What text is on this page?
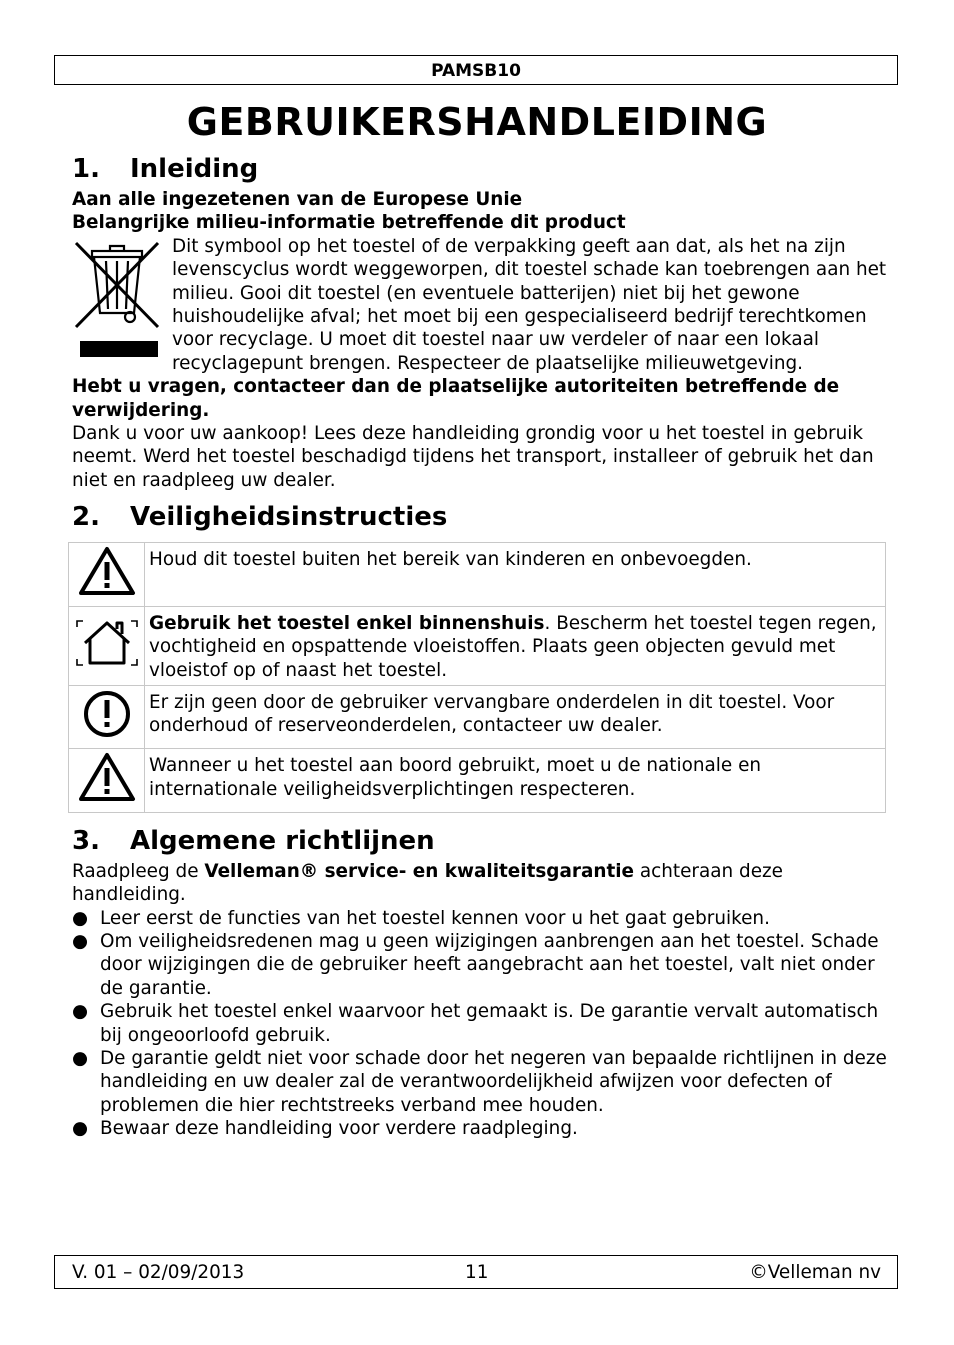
PAMSB10
GEBRUIKERSHANDLEIDING
1. Inleiding

Aan alle ingezetenen van de Europese Unie

Belangrijke milieu-informatie betreffende dit product

Dit symbool op het toestel of de verpakking geeft aan dat, als het na zijn levenscyclus wordt weggeworpen, dit toestel schade kan toebrengen aan het milieu. Gooi dit toestel (en eventuele batterijen) niet bij het gewone huishoudelijke afval; het moet bij een gespecialiseerd bedrijf terechtkomen voor recyclage. U moet dit toestel naar uw verdeler of naar een lokaal recyclagepunt brengen. Respecteer de plaatselijke milieuwetgeving.

Hebt u vragen, contacteer dan de plaatselijke autoriteiten betreffende de verwijdering.

Dank u voor uw aankoop! Lees deze handleiding grondig voor u het toestel in gebruik neemt. Werd het toestel beschadigd tijdens het transport, installeer of gebruik het dan niet en raadpleeg uw dealer.

2. Veiligheidsinstructies
	Houd dit toestel buiten het bereik van kinderen en onbevoegden.
	Gebruik het toestel enkel binnenshuis. Bescherm het toestel tegen regen, vochtigheid en opspattende vloeistoffen. Plaats geen objecten gevuld met vloeistof op of naast het toestel.
	Er zijn geen door de gebruiker vervangbare onderdelen in dit toestel. Voor onderhoud of reserveonderdelen, contacteer uw dealer.
	Wanneer u het toestel aan boord gebruikt, moet u de nationale en internationale veiligheidsverplichtingen respecteren.
3. Algemene richtlijnen

Raadpleeg de Velleman® service- en kwaliteitsgarantie achteraan deze handleiding.

● Leer eerst de functies van het toestel kennen voor u het gaat gebruiken.
● Om veiligheidsredenen mag u geen wijzigingen aanbrengen aan het toestel. Schade door wijzigingen die de gebruiker heeft aangebracht aan het toestel, valt niet onder de garantie.
● Gebruik het toestel enkel waarvoor het gemaakt is. De garantie vervalt automatisch bij ongeoorloofd gebruik.
● De garantie geldt niet voor schade door het negeren van bepaalde richtlijnen in deze handleiding en uw dealer zal de verantwoordelijkheid afwijzen voor defecten of problemen die hier rechtstreeks verband mee houden.
● Bewaar deze handleiding voor verdere raadpleging.
V. 01 – 02/09/2013	11	©Velleman nv
